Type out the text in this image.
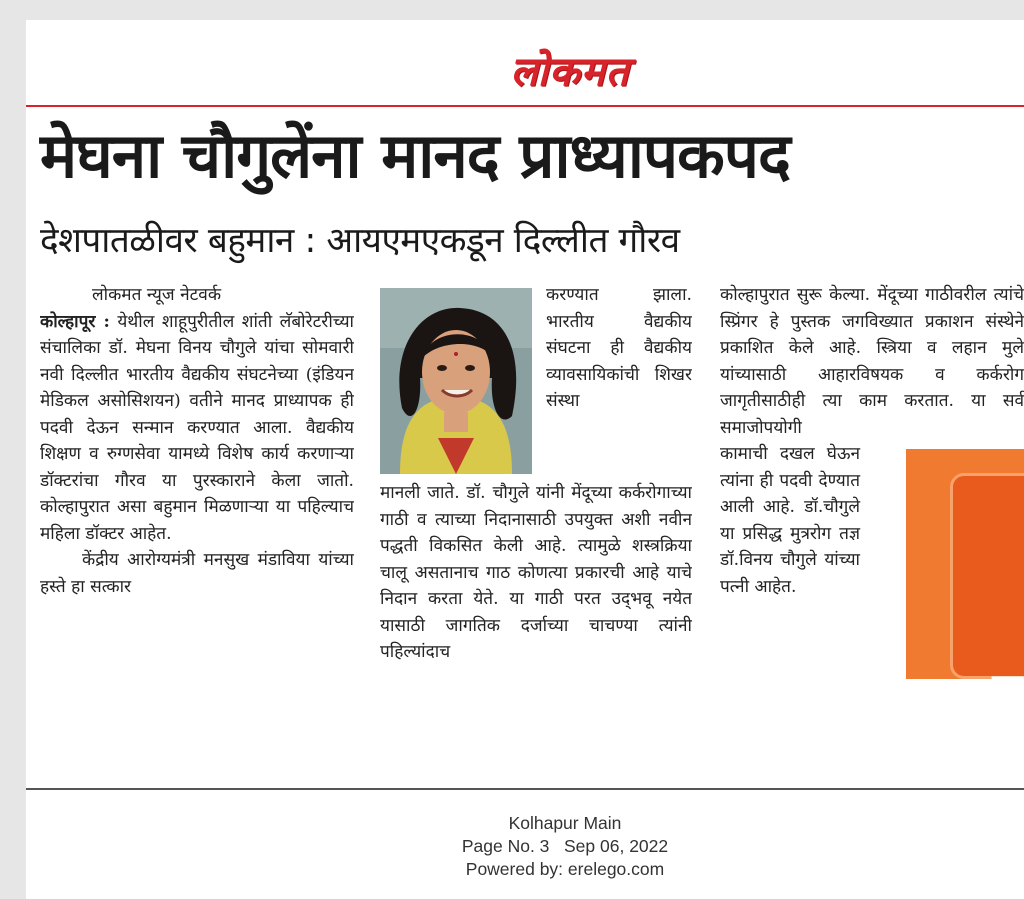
लोकमत
मेघना चौगुलेंना मानद प्राध्यापकपद
देशपातळीवर बहुमान : आयएमएकडून दिल्लीत गौरव

लोकमत न्यूज नेटवर्क

कोल्हापूर : येथील शाहूपुरीतील शांती लॅबोरेटरीच्या संचालिका डॉ. मेघना विनय चौगुले यांचा सोमवारी नवी दिल्लीत भारतीय वैद्यकीय संघटनेच्या (इंडियन मेडिकल असोसिशयन) वतीने मानद प्राध्यापक ही पदवी देऊन सन्मान करण्यात आला. वैद्यकीय शिक्षण व रुग्णसेवा यामध्ये विशेष कार्य करणाऱ्या डॉक्टरांचा गौरव या पुरस्काराने केला जातो. कोल्हापुरात असा बहुमान मिळणाऱ्या या पहिल्याच महिला डॉक्टर आहेत.

केंद्रीय आरोग्यमंत्री मनसुख मंडाविया यांच्या हस्ते हा सत्कार

करण्यात झाला. भारतीय वैद्यकीय संघटना ही वैद्यकीय व्यावसायिकांची शिखर संस्था

मानली जाते. डॉ. चौगुले यांनी मेंदूच्या कर्करोगाच्या गाठी व त्याच्या निदानासाठी उपयुक्त अशी नवीन पद्धती विकसित केली आहे. त्यामुळे शस्त्रक्रिया चालू असतानाच गाठ कोणत्या प्रकारची आहे याचे निदान करता येते. या गाठी परत उद्‌भवू नयेत यासाठी जागतिक दर्जाच्या चाचण्या त्यांनी पहिल्यांदाच

कोल्हापुरात सुरू केल्या. मेंदूच्या गाठीवरील त्यांचे स्प्रिंगर हे पुस्तक जगविख्यात प्रकाशन संस्थेने प्रकाशित केले आहे. स्त्रिया व लहान मुले यांच्यासाठी आहारविषयक व कर्करोग जागृतीसाठीही त्या काम करतात. या सर्व समाजोपयोगी

कामाची दखल घेऊन त्यांना ही पदवी देण्यात आली आहे. डॉ.चौगुले या प्रसिद्ध मुत्ररोग तज्ञ डॉ.विनय चौगुले यांच्या पत्नी आहेत.

वच
रा
Kolhapur Main
Page No. 3   Sep 06, 2022
Powered by: erelego.com
